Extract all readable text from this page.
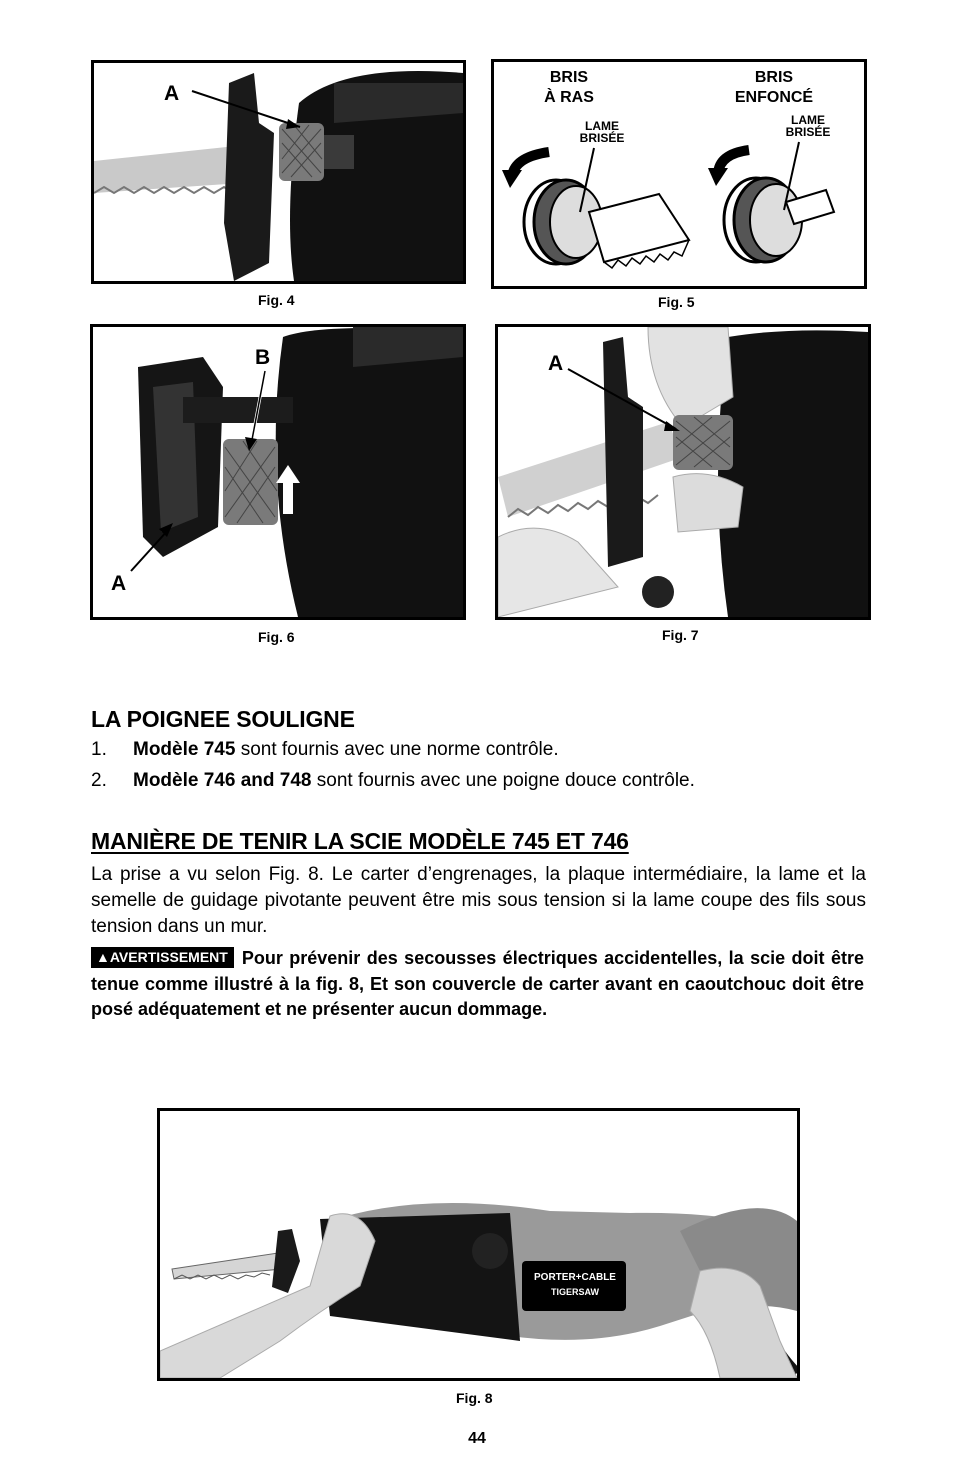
A
Fig. 4
BRIS
À RAS
BRIS
ENFONCÉ
LAME
BRISÉE
LAME
BRISÉE
Fig. 5
B
A
Fig. 6
A
Fig. 7
LA POIGNEE SOULIGNE
1. Modèle 745 sont fournis avec une norme contrôle.
2. Modèle 746 and 748 sont fournis avec une poigne douce contrôle.
MANIÈRE DE TENIR LA SCIE MODÈLE 745 ET 746
La prise a vu selon Fig. 8. Le carter d’engrenages, la plaque intermédiaire, la lame et la semelle de guidage pivotante peuvent être mis sous tension si la lame coupe des fils sous tension dans un mur.
▲AVERTISSEMENT Pour prévenir des secousses électriques accidentelles, la scie doit être tenue comme illustré à la fig. 8, Et son couvercle de carter avant en caoutchouc doit être posé adéquatement et ne présenter aucun dommage.
PORTER+CABLE
TIGERSAW
Fig. 8
44
